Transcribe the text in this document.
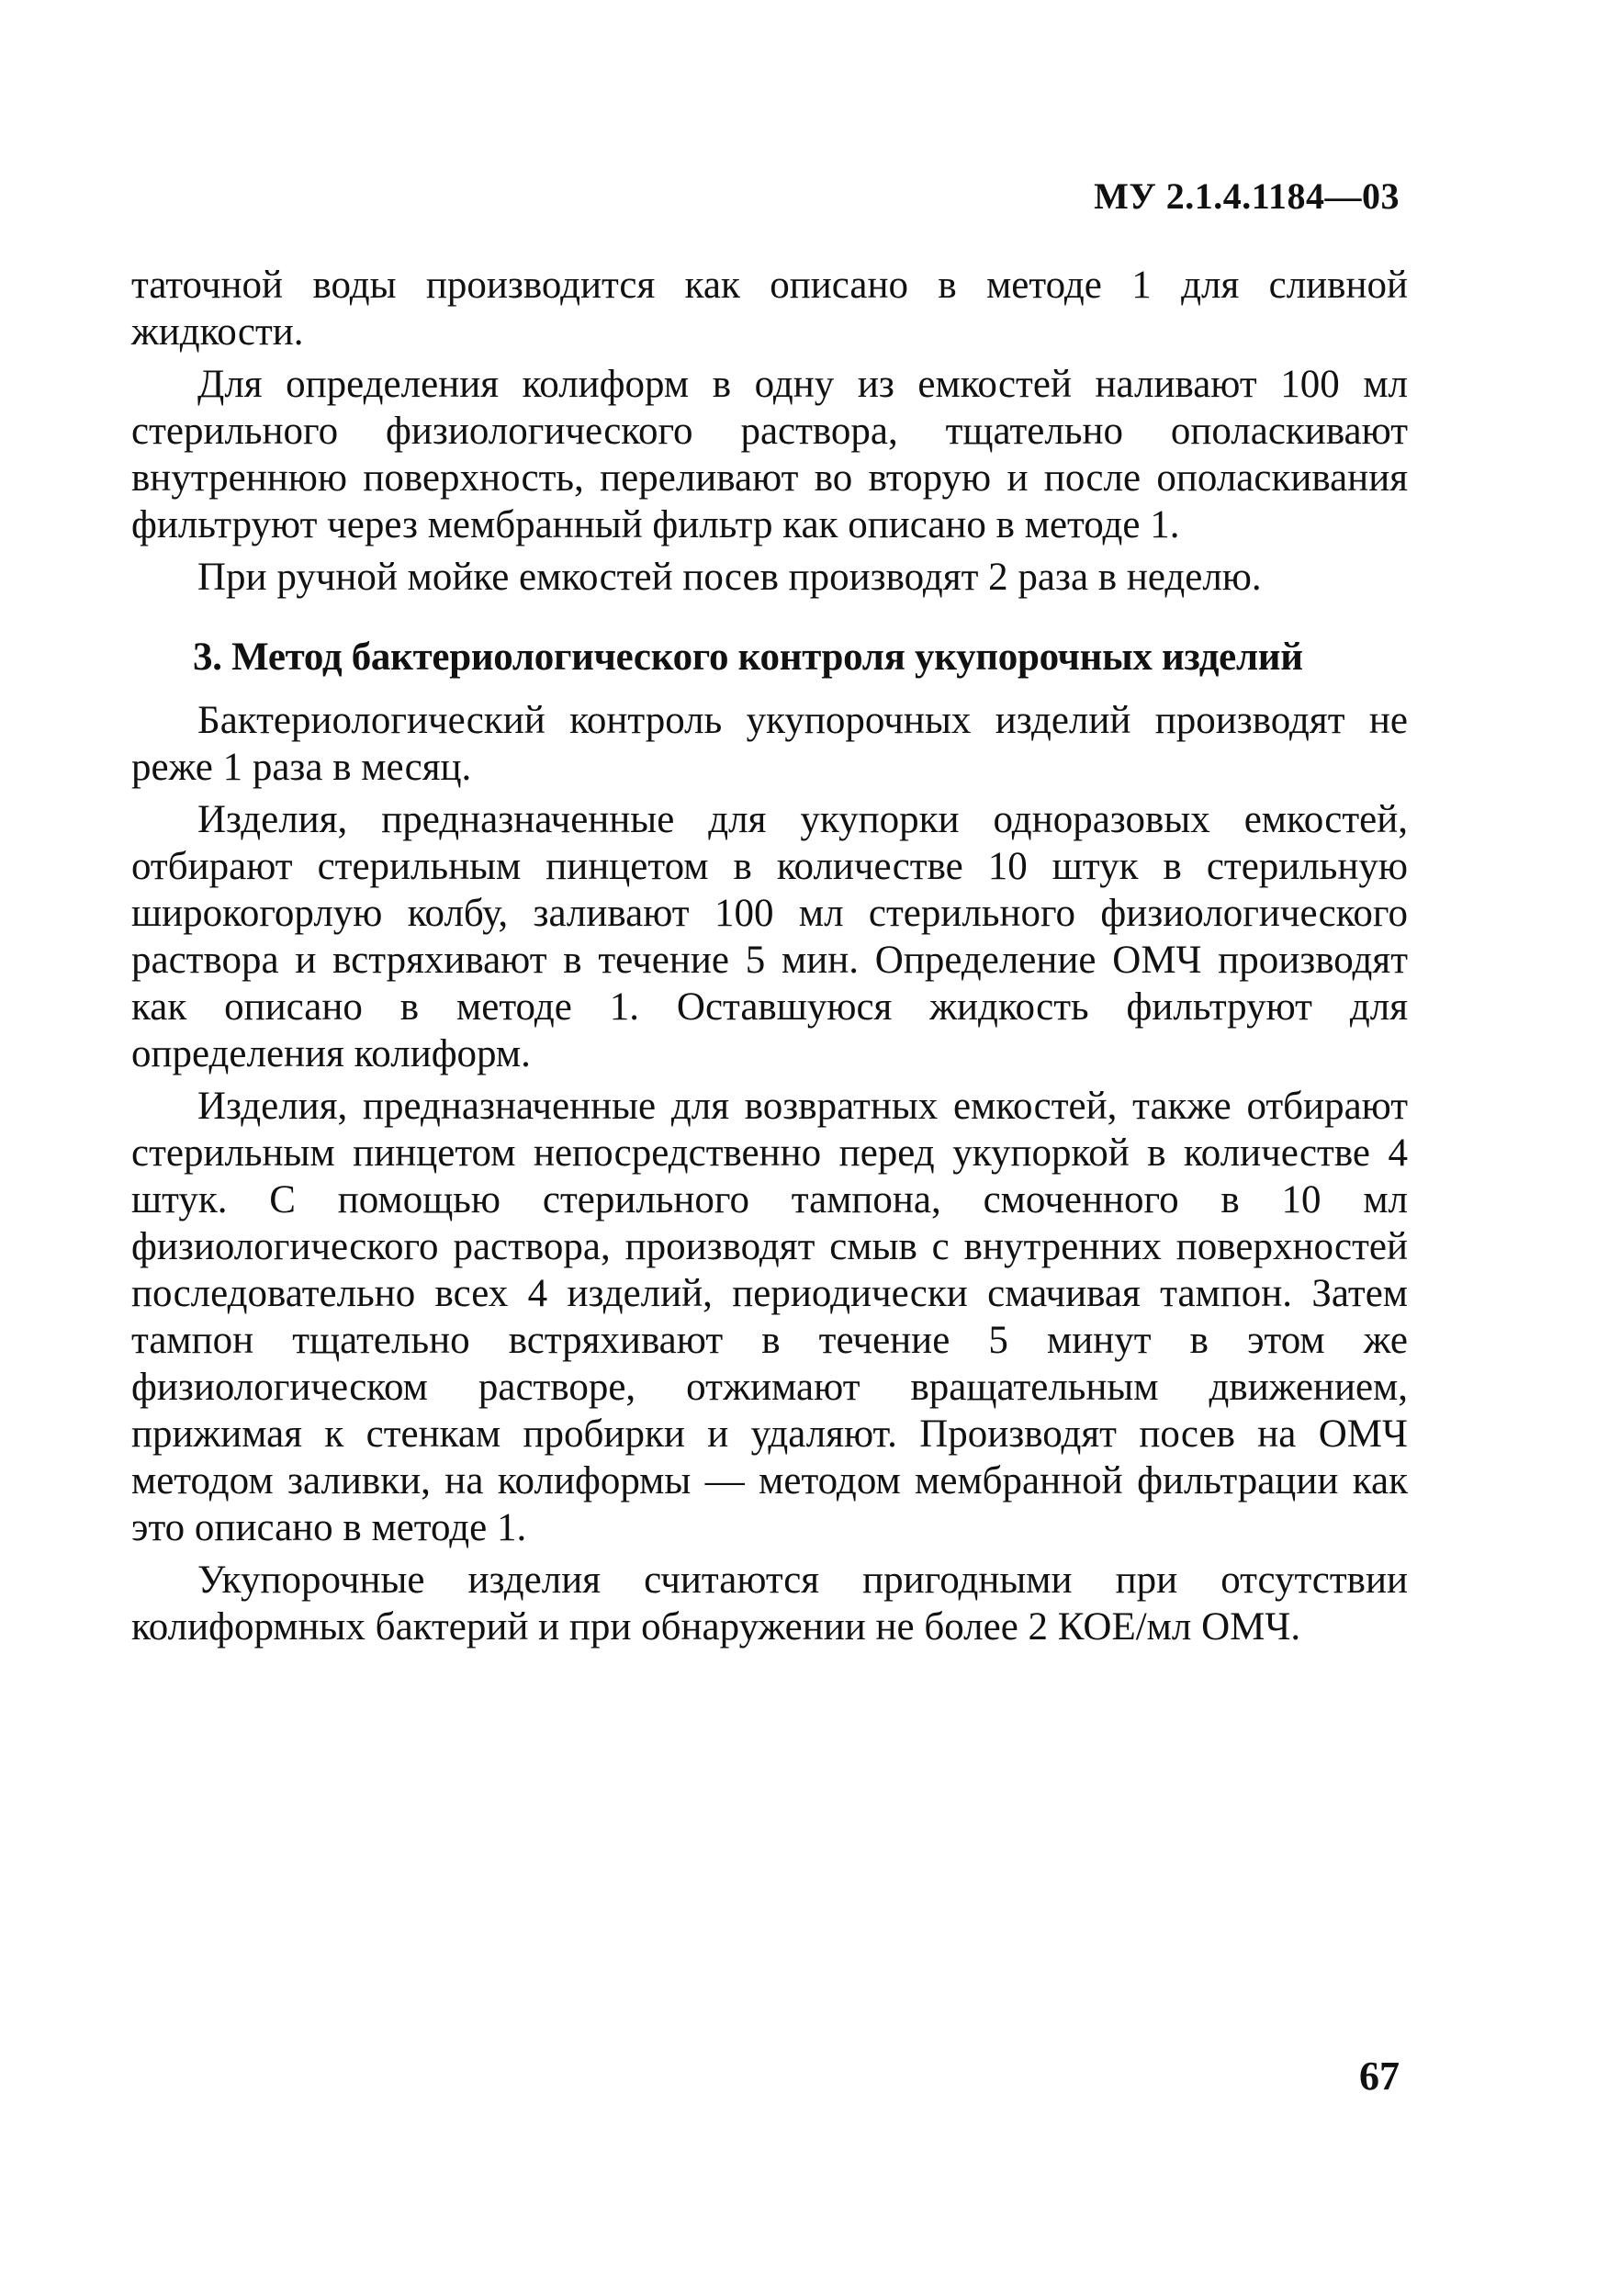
МУ 2.1.4.1184—03

таточной воды производится как описано в методе 1 для сливной жидкости.

Для определения колиформ в одну из емкостей наливают 100 мл стерильного физиологического раствора, тщательно ополаскивают внутреннюю поверхность, переливают во вторую и после ополаскивания фильтруют через мембранный фильтр как описано в методе 1.

При ручной мойке емкостей посев производят 2 раза в неделю.

3. Метод бактериологического контроля укупорочных изделий

Бактериологический контроль укупорочных изделий производят не реже 1 раза в месяц.

Изделия, предназначенные для укупорки одноразовых емкостей, отбирают стерильным пинцетом в количестве 10 штук в стерильную широкогорлую колбу, заливают 100 мл стерильного физиологического раствора и встряхивают в течение 5 мин. Определение ОМЧ производят как описано в методе 1. Оставшуюся жидкость фильтруют для определения колиформ.

Изделия, предназначенные для возвратных емкостей, также отбирают стерильным пинцетом непосредственно перед укупоркой в количестве 4 штук. С помощью стерильного тампона, смоченного в 10 мл физиологического раствора, производят смыв с внутренних поверхностей последовательно всех 4 изделий, периодически смачивая тампон. Затем тампон тщательно встряхивают в течение 5 минут в этом же физиологическом растворе, отжимают вращательным движением, прижимая к стенкам пробирки и удаляют. Производят посев на ОМЧ методом заливки, на колиформы — методом мембранной фильтрации как это описано в методе 1.

Укупорочные изделия считаются пригодными при отсутствии колиформных бактерий и при обнаружении не более 2 КОЕ/мл ОМЧ.

67
